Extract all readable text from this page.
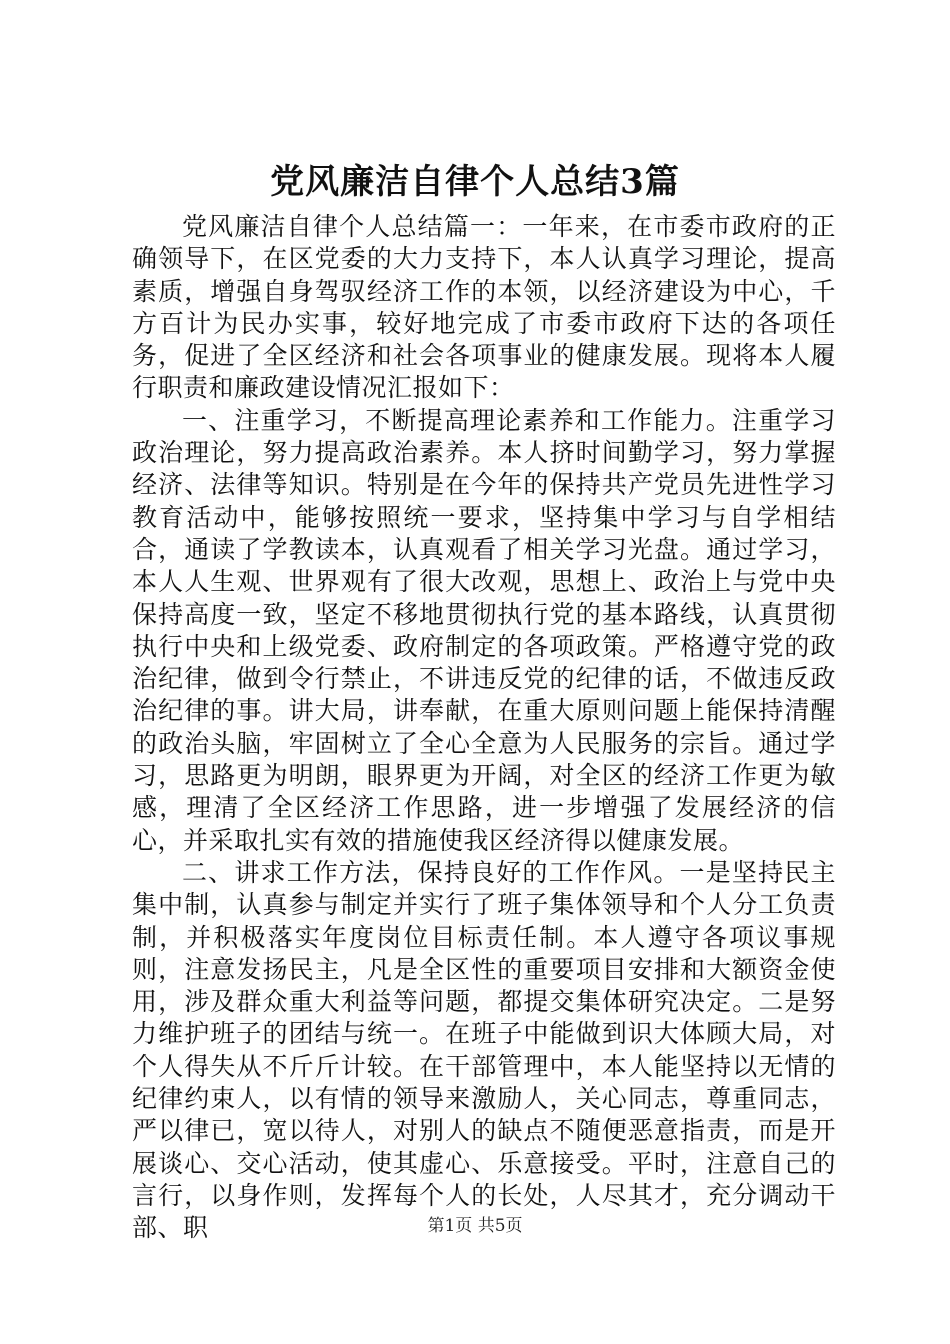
党风廉洁自律个人总结3篇

党风廉洁自律个人总结篇一：一年来，在市委市政府的正确领导下，在区党委的大力支持下，本人认真学习理论，提高素质，增强自身驾驭经济工作的本领，以经济建设为中心，千方百计为民办实事，较好地完成了市委市政府下达的各项任务，促进了全区经济和社会各项事业的健康发展。现将本人履行职责和廉政建设情况汇报如下：

一、注重学习，不断提高理论素养和工作能力。注重学习政治理论，努力提高政治素养。本人挤时间勤学习，努力掌握经济、法律等知识。特别是在今年的保持共产党员先进性学习教育活动中，能够按照统一要求，坚持集中学习与自学相结合，通读了学教读本，认真观看了相关学习光盘。通过学习，本人人生观、世界观有了很大改观，思想上、政治上与党中央保持高度一致，坚定不移地贯彻执行党的基本路线，认真贯彻执行中央和上级党委、政府制定的各项政策。严格遵守党的政治纪律，做到令行禁止，不讲违反党的纪律的话，不做违反政治纪律的事。讲大局，讲奉献，在重大原则问题上能保持清醒的政治头脑，牢固树立了全心全意为人民服务的宗旨。通过学习，思路更为明朗，眼界更为开阔，对全区的经济工作更为敏感，理清了全区经济工作思路，进一步增强了发展经济的信心，并采取扎实有效的措施使我区经济得以健康发展。

二、讲求工作方法，保持良好的工作作风。一是坚持民主集中制，认真参与制定并实行了班子集体领导和个人分工负责制，并积极落实年度岗位目标责任制。本人遵守各项议事规则，注意发扬民主，凡是全区性的重要项目安排和大额资金使用，涉及群众重大利益等问题，都提交集体研究决定。二是努力维护班子的团结与统一。在班子中能做到识大体顾大局，对个人得失从不斤斤计较。在干部管理中，本人能坚持以无情的纪律约束人，以有情的领导来激励人，关心同志，尊重同志，严以律已，宽以待人，对别人的缺点不随便恶意指责，而是开展谈心、交心活动，使其虚心、乐意接受。平时，注意自己的言行，以身作则，发挥每个人的长处，人尽其才，充分调动干部、职	第1页 共5页
